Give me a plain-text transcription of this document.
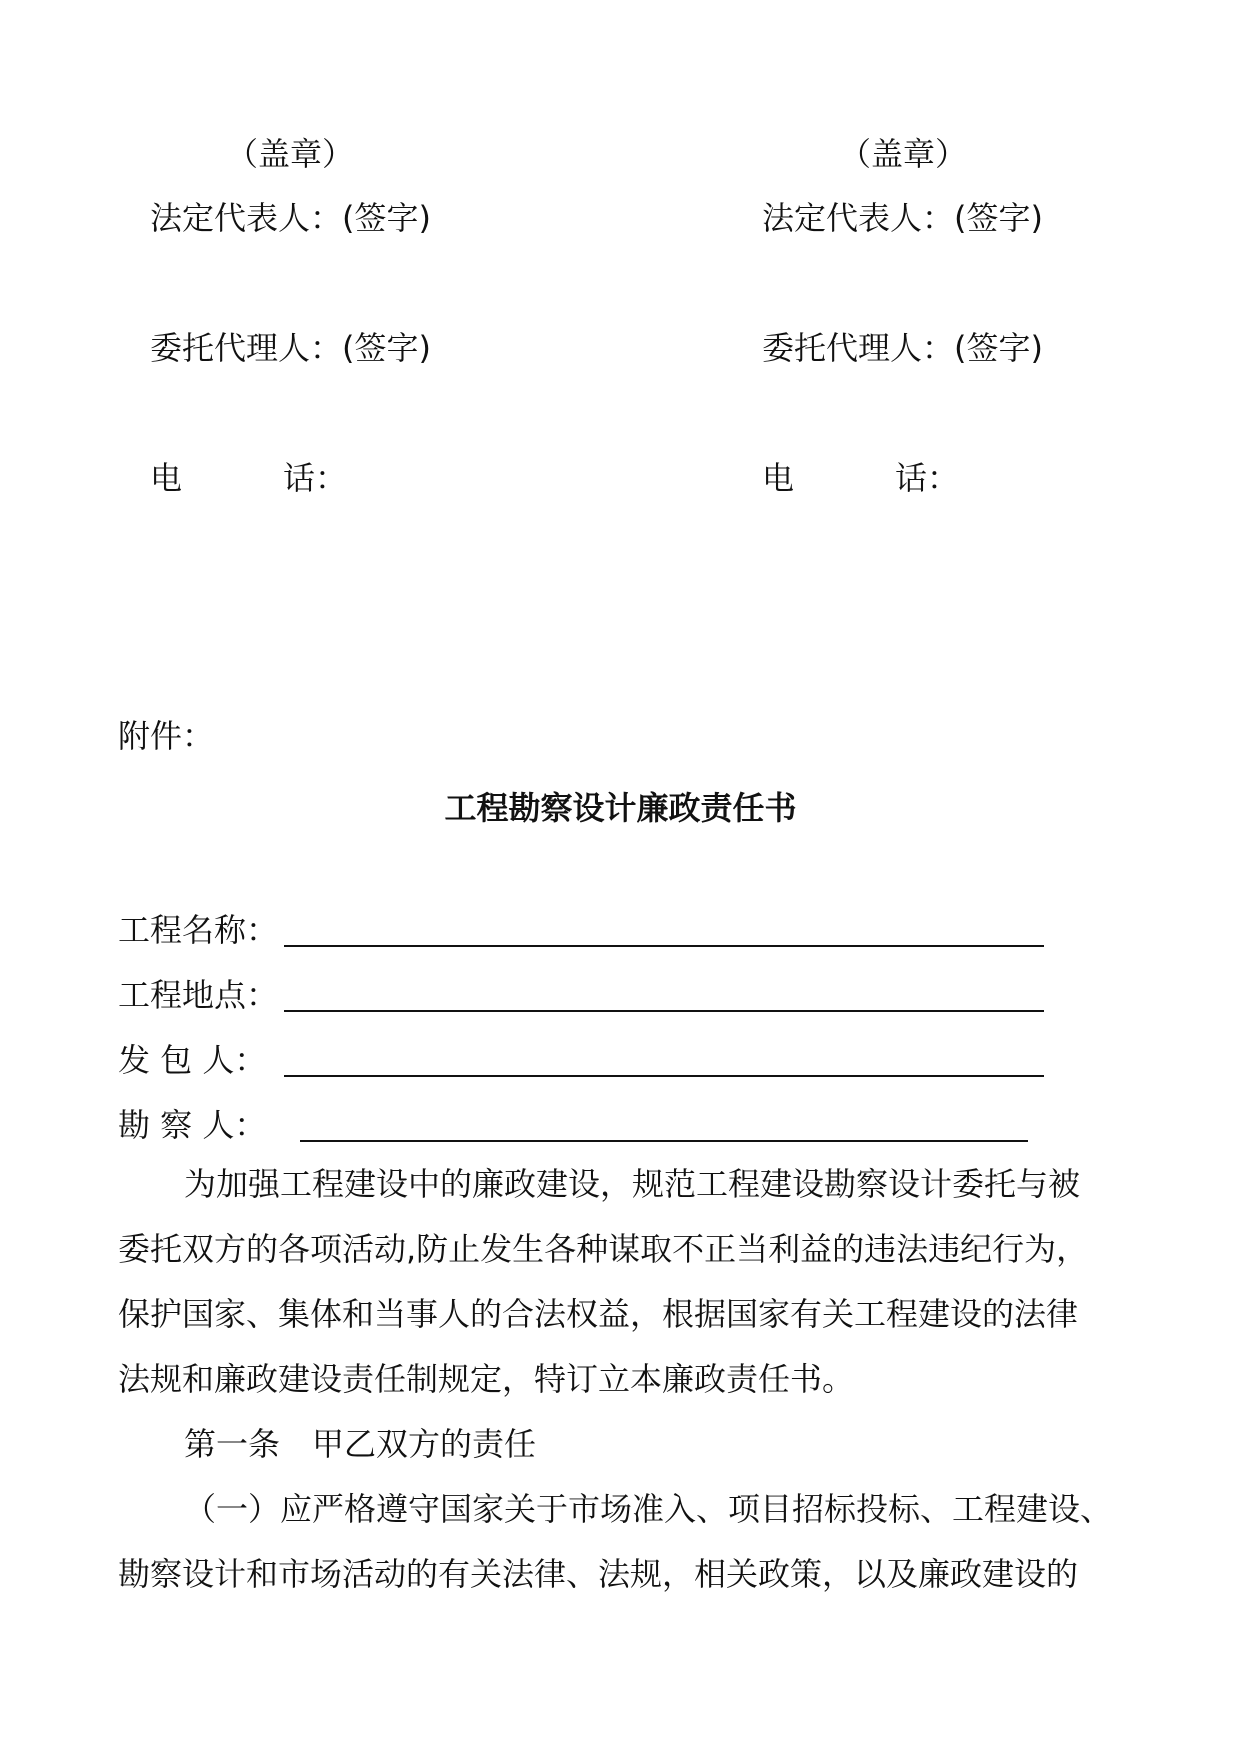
（盖章）
法定代表人：(签字)
委托代理人：(签字)
电	话：
（盖章）
法定代表人：(签字)
委托代理人：(签字)
电	话：
附件：
工程勘察设计廉政责任书
工程名称：
工程地点：
发 包 人：
勘 察 人：
为加强工程建设中的廉政建设，规范工程建设勘察设计委托与被
委托双方的各项活动,防止发生各种谋取不正当利益的违法违纪行为，
保护国家、集体和当事人的合法权益，根据国家有关工程建设的法律
法规和廉政建设责任制规定，特订立本廉政责任书。
第一条　甲乙双方的责任
（一）应严格遵守国家关于市场准入、项目招标投标、工程建设、
勘察设计和市场活动的有关法律、法规，相关政策，以及廉政建设的
